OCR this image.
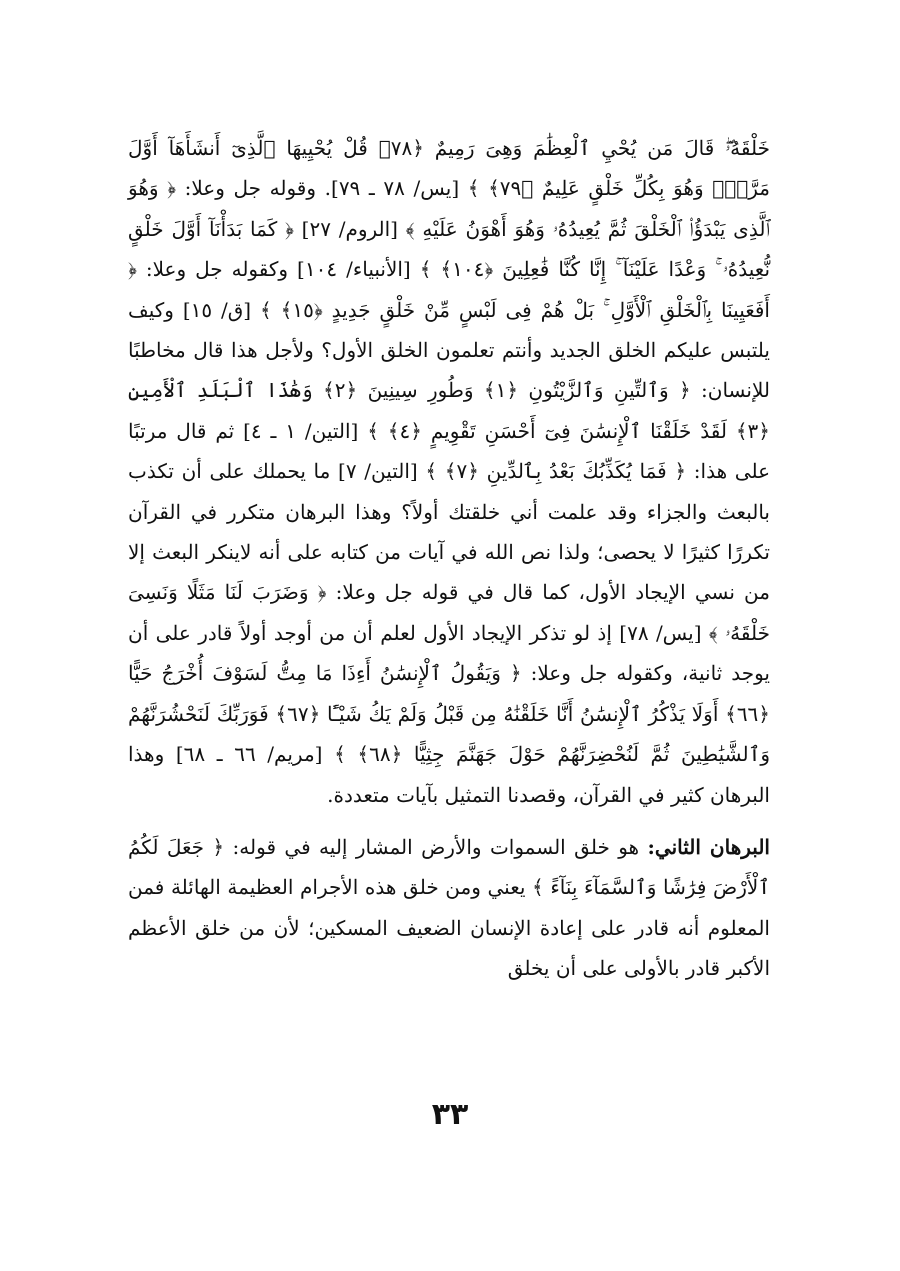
خَلْقَهُۥۖ قَالَ مَن يُحْيِ ٱلْعِظَٰمَ وَهِىَ رَمِيمٌ ﴿٧٨﴾ قُلْ يُحْيِيهَا ٱلَّذِىٓ أَنشَأَهَآ أَوَّلَ مَرَّةٍۖ وَهُوَ بِكُلِّ خَلْقٍ عَلِيمٌ ﴿٧٩﴾ ﴾ [يس/ ٧٨ ـ ٧٩]. وقوله جل وعلا: ﴿ وَهُوَ ٱلَّذِى يَبْدَؤُا۟ ٱلْخَلْقَ ثُمَّ يُعِيدُهُۥ وَهُوَ أَهْوَنُ عَلَيْهِ ﴾ [الروم/ ٢٧] ﴿ كَمَا بَدَأْنَآ أَوَّلَ خَلْقٍ نُّعِيدُهُۥ ۚ وَعْدًا عَلَيْنَآ ۚ إِنَّا كُنَّا فَٰعِلِينَ ﴿١٠٤﴾ ﴾ [الأنبياء/ ١٠٤] وكقوله جل وعلا: ﴿ أَفَعَيِينَا بِٱلْخَلْقِ ٱلْأَوَّلِ ۚ بَلْ هُمْ فِى لَبْسٍ مِّنْ خَلْقٍ جَدِيدٍ ﴿١٥﴾ ﴾ [ق/ ١٥] وكيف يلتبس عليكم الخلق الجديد وأنتم تعلمون الخلق الأول؟ ولأجل هذا قال مخاطبًا للإنسان: ﴿ وَٱلتِّينِ وَٱلزَّيْتُونِ ﴿١﴾ وَطُورِ سِينِينَ ﴿٢﴾ وَهَٰذَا ٱلْبَلَدِ ٱلْأَمِينِ ﴿٣﴾ لَقَدْ خَلَقْنَا ٱلْإِنسَٰنَ فِىٓ أَحْسَنِ تَقْوِيمٍ ﴿٤﴾ ﴾ [التين/ ١ ـ ٤] ثم قال مرتبًا على هذا: ﴿ فَمَا يُكَذِّبُكَ بَعْدُ بِٱلدِّينِ ﴿٧﴾ ﴾ [التين/ ٧] ما يحملك على أن تكذب بالبعث والجزاء وقد علمت أني خلقتك أولاً؟ وهذا البرهان متكرر في القرآن تكررًا كثيرًا لا يحصى؛ ولذا نص الله في آيات من كتابه على أنه لاينكر البعث إلا من نسي الإيجاد الأول، كما قال في قوله جل وعلا: ﴿ وَضَرَبَ لَنَا مَثَلًا وَنَسِىَ خَلْقَهُۥ ﴾ [يس/ ٧٨] إذ لو تذكر الإيجاد الأول لعلم أن من أوجد أولاً قادر على أن يوجد ثانية، وكقوله جل وعلا: ﴿ وَيَقُولُ ٱلْإِنسَٰنُ أَءِذَا مَا مِتُّ لَسَوْفَ أُخْرَجُ حَيًّا ﴿٦٦﴾ أَوَلَا يَذْكُرُ ٱلْإِنسَٰنُ أَنَّا خَلَقْنَٰهُ مِن قَبْلُ وَلَمْ يَكُ شَيْـًٔا ﴿٦٧﴾ فَوَرَبِّكَ لَنَحْشُرَنَّهُمْ وَٱلشَّيَٰطِينَ ثُمَّ لَنُحْضِرَنَّهُمْ حَوْلَ جَهَنَّمَ جِثِيًّا ﴿٦٨﴾ ﴾ [مريم/ ٦٦ ـ ٦٨] وهذا البرهان كثير في القرآن، وقصدنا التمثيل بآيات متعددة.

البرهان الثاني: هو خلق السموات والأرض المشار إليه في قوله: ﴿ جَعَلَ لَكُمُ ٱلْأَرْضَ فِرَٰشًا وَٱلسَّمَآءَ بِنَآءً ﴾ يعني ومن خلق هذه الأجرام العظيمة الهائلة فمن المعلوم أنه قادر على إعادة الإنسان الضعيف المسكين؛ لأن من خلق الأعظم الأكبر قادر بالأولى على أن يخلق

٣٣
